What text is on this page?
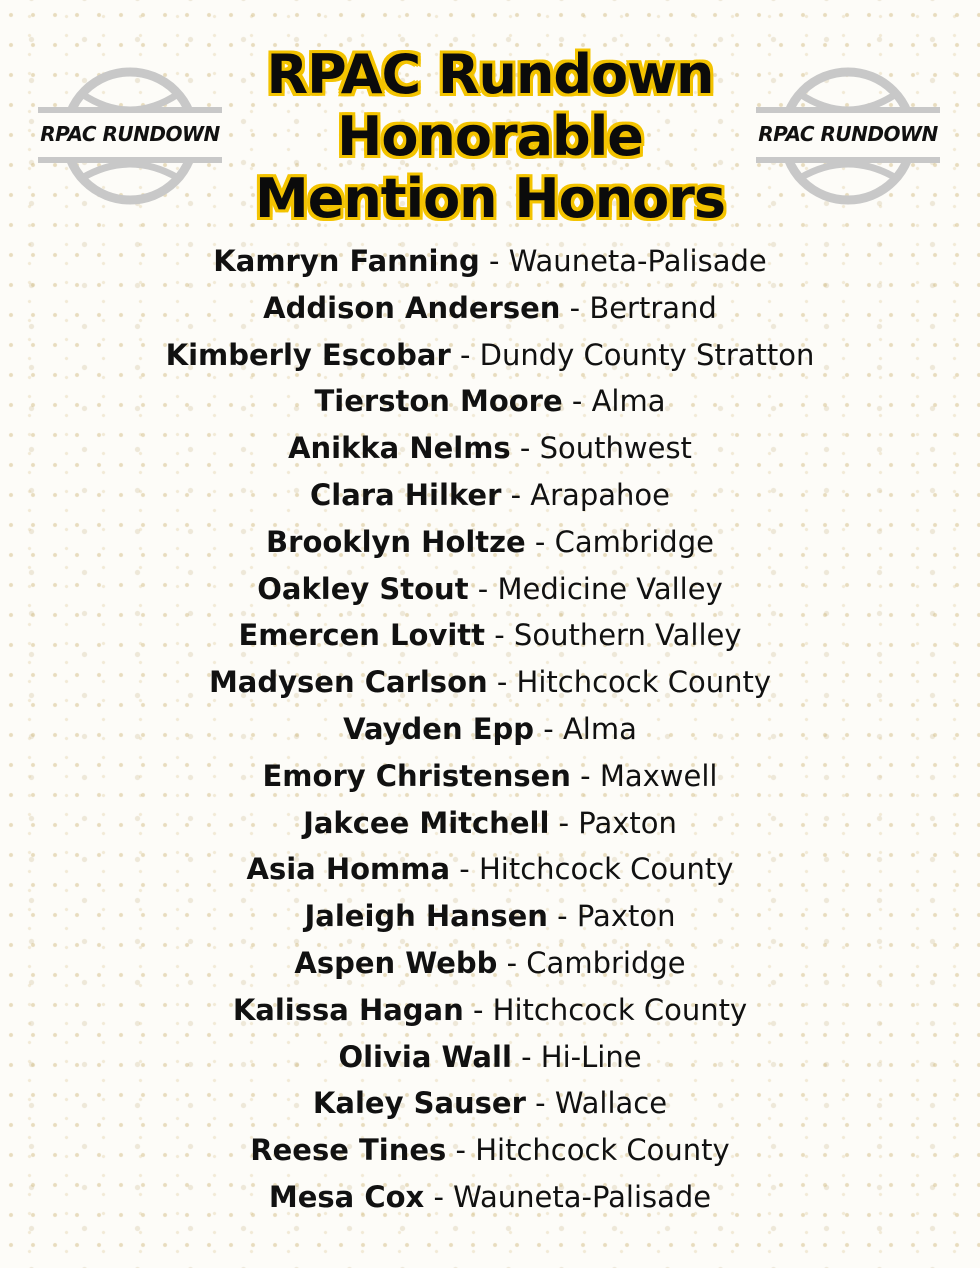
RPAC RUNDOWN	RPAC RUNDOWN
RPAC Rundown
Honorable
Mention Honors
Kamryn Fanning - Wauneta-Palisade
Addison Andersen - Bertrand
Kimberly Escobar - Dundy County Stratton
Tierston Moore - Alma
Anikka Nelms - Southwest
Clara Hilker - Arapahoe
Brooklyn Holtze - Cambridge
Oakley Stout - Medicine Valley
Emercen Lovitt - Southern Valley
Madysen Carlson - Hitchcock County
Vayden Epp - Alma
Emory Christensen - Maxwell
Jakcee Mitchell - Paxton
Asia Homma - Hitchcock County
Jaleigh Hansen - Paxton
Aspen Webb - Cambridge
Kalissa Hagan - Hitchcock County
Olivia Wall - Hi-Line
Kaley Sauser - Wallace
Reese Tines - Hitchcock County
Mesa Cox - Wauneta-Palisade
